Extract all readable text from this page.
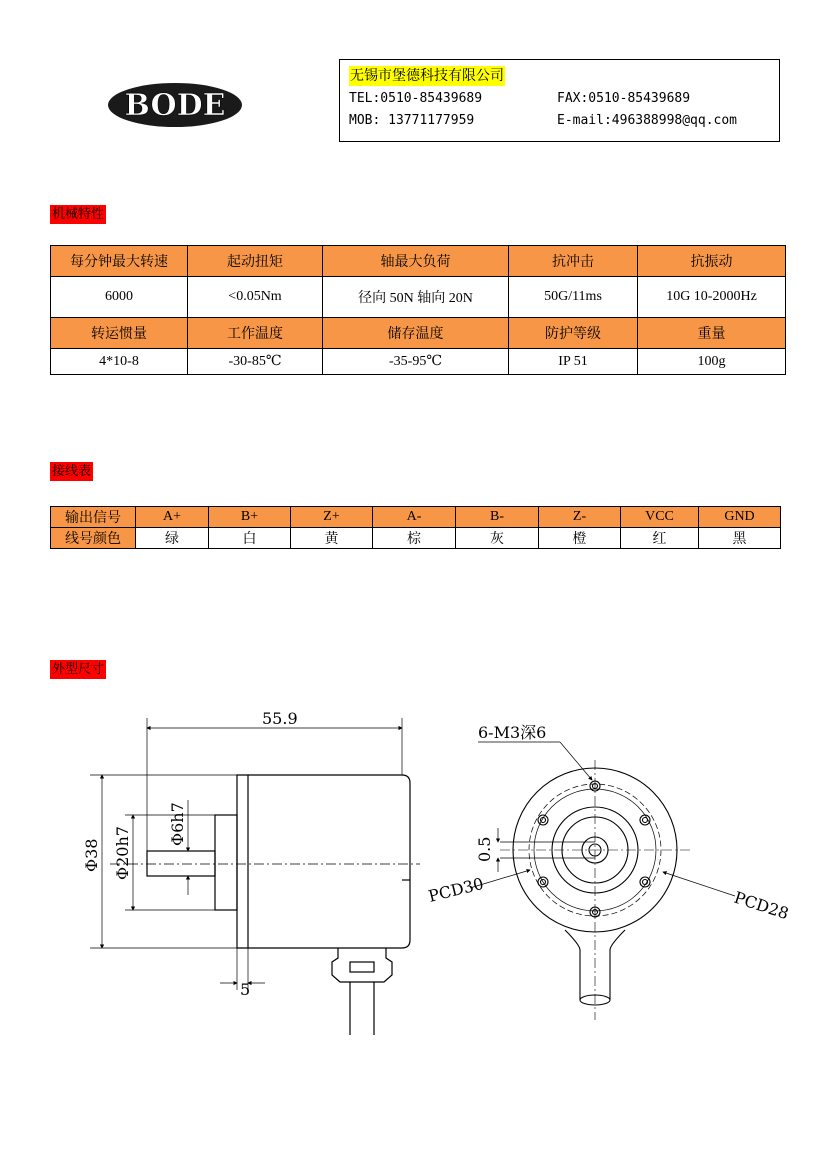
BODE
无锡市堡德科技有限公司
TEL:0510-85439689	FAX:0510-85439689
MOB: 13771177959	E-mail:496388998@qq.com
机械特性
每分钟最大转速	起动扭矩	轴最大负荷	抗冲击	抗振动
6000	<0.05Nm	径向 50N 轴向 20N	50G/11ms	10G 10-2000Hz
转运惯量	工作温度	储存温度	防护等级	重量
4*10-8	-30-85℃	-35-95℃	IP 51	100g
接线表
输出信号	A+	B+	Z+	A-	B-	Z-	VCC	GND
线号颜色	绿	白	黄	棕	灰	橙	红	黑
外型尺寸
55.9
Φ38 Φ20h7
Φ6h7
5
6-M3深6
0.5
PCD30	PCD28
